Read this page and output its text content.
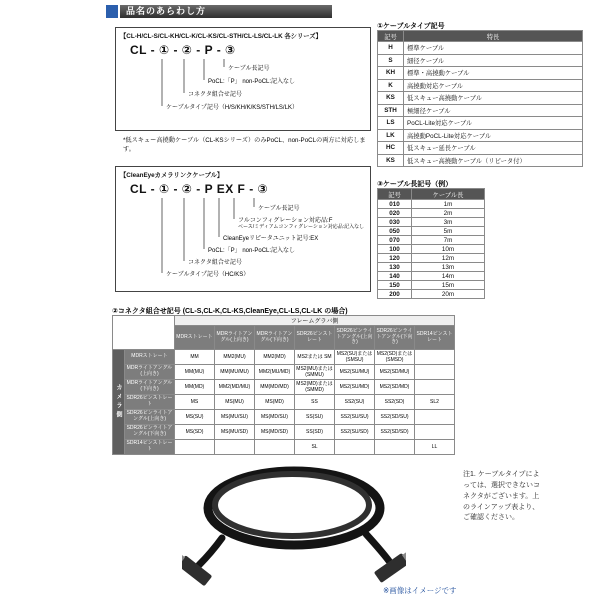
品名のあらわし方
【CL-H/CL-S/CL-KH/CL-K/CL-KS/CL-STH/CL-LS/CL-LK 各シリーズ】
CL - ① - ② - P - ③
ケーブル長記号
PoCL:「P」 non-PoCL:記入なし
コネクタ組合せ記号
ケーブルタイプ記号（H/S/KH/K/KS/STH/LS/LK）
*低スキュー高撓動ケーブル（CL-KSシリーズ）のみPoCL、non-PoCLの両方に対応します。
【CleanEyeカメラリンクケーブル】
CL - ① - ② - P EX F - ③
ケーブル長記号
フルコンフィグレーション対応品:F
ベース/ミディアムコンフィグレーション対応品:記入なし
CleanEyeリピータユニット記号:EX
PoCL:「P」 non-PoCL:記入なし
コネクタ組合せ記号
ケーブルタイプ記号（HC/KS）
①ケーブルタイプ記号
記号	特長
H	標準ケーブル
S	細径ケーブル
KH	標準・高撓動ケーブル
K	高撓動対応ケーブル
KS	低スキュー高撓動ケーブル
STH	極細径ケーブル
LS	PoCL-Lite対応ケーブル
LK	高撓動PoCL-Lite対応ケーブル
HC	低スキュー延長ケーブル
KS	低スキュー高撓動ケーブル（リピータ付）
③ケーブル長記号（例）
記号	ケーブル長
010	1m
020	2m
030	3m
050	5m
070	7m
100	10m
120	12m
130	13m
140	14m
150	15m
200	20m
②コネクタ組合せ記号 (CL-S,CL-K,CL-KS,CleanEye,CL-LS,CL-LK の場合)
		フレームグラバ側						
		MDRストレート	MDRライトアングル(上向き)	MDRライトアングル(下向き)	SDR26ピンストレート	SDR26ピンライトアングル(上向き)	SDR26ピンライトアングル(下向き)	SDR14ピンストレート
カメラ側	MDRストレート	MM	MM2(MU)	MM2(MD)	MS2または SM	MS2(SU)または(SMSU)	MS2(SD)または(SMSD)	
	MDRライトアングル(上向き)	MM(MU)	MM(MU/MU)	MM2(MU/MD)	MS2(MU)または(SMMU)	MS2(SU/MU)	MS2(SD/MU)	
	MDRライトアングル(下向き)	MM(MD)	MM2(MD/MU)	MM(MD/MD)	MS2(MD)または(SMMD)	MS2(SU/MD)	MS2(SD/MD)	
	SDR26ピンストレート	MS	MS(MU)	MS(MD)	SS	SS2(SU)	SS2(SD)	SL2
	SDR26ピンライトアングル(上向き)	MS(SU)	MS(MU/SU)	MS(MD/SU)	SS(SU)	SS2(SU/SU)	SS2(SD/SU)	
	SDR26ピンライトアングル(下向き)	MS(SD)	MS(MU/SD)	MS(MD/SD)	SS(SD)	SS2(SU/SD)	SS2(SD/SD)	
	SDR14ピンストレート				SL			LL
注1. ケーブルタイプによっては、選択できないコネクタがございます。上のラインアップ表より、ご確認ください。
※画像はイメージです
